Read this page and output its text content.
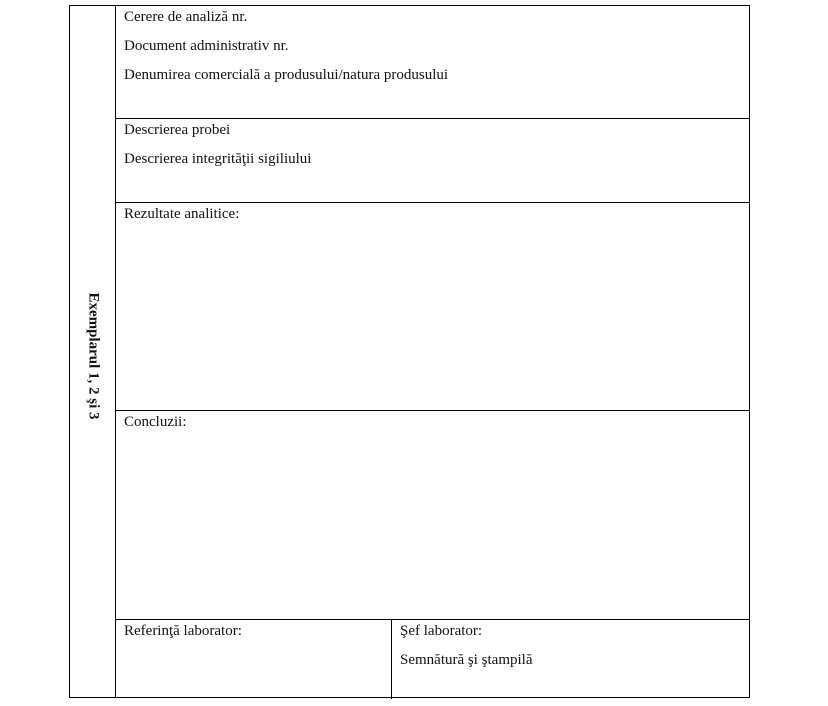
Exemplarul 1, 2 şi 3
Cerere de analiză nr.
Document administrativ nr.
Denumirea comercială a produsului/natura produsului
Descrierea probei
Descrierea integrităţii sigiliului
Rezultate analitice:
Concluzii:
Referinţă laborator:	Şef laborator:
Semnătură şi ştampilă
